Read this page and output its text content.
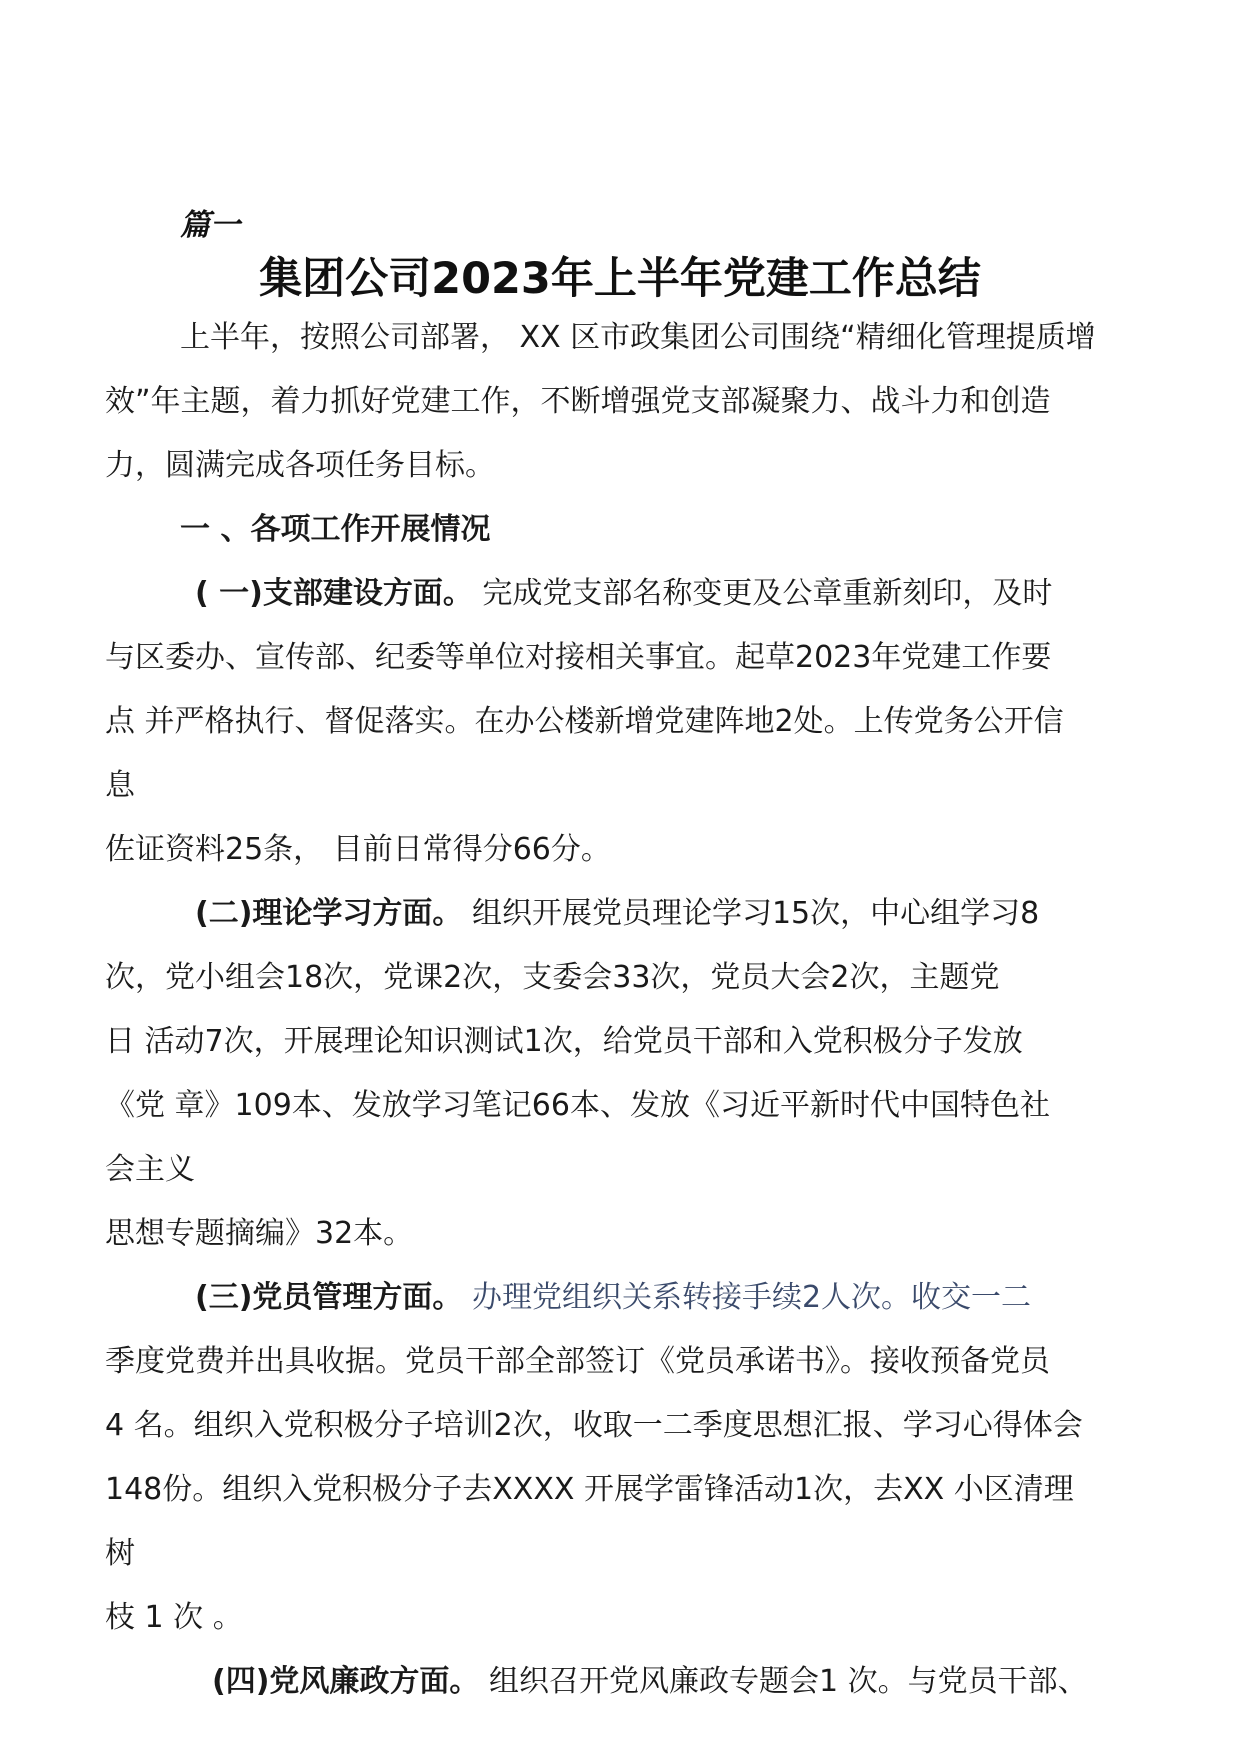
篇一
集团公司2023年上半年党建工作总结
上半年，按照公司部署， XX 区市政集团公司围绕“精细化管理提质增
效”年主题，着力抓好党建工作，不断增强党支部凝聚力、战斗力和创造
力，圆满完成各项任务目标。
一 、各项工作开展情况
( 一)支部建设方面。 完成党支部名称变更及公章重新刻印，及时
与区委办、宣传部、纪委等单位对接相关事宜。起草2023年党建工作要
点 并严格执行、督促落实。在办公楼新增党建阵地2处。上传党务公开信
息
佐证资料25条， 目前日常得分66分。
(二)理论学习方面。 组织开展党员理论学习15次，中心组学习8
次，党小组会18次，党课2次，支委会33次，党员大会2次，主题党
日 活动7次，开展理论知识测试1次，给党员干部和入党积极分子发放
《党 章》109本、发放学习笔记66本、发放《习近平新时代中国特色社
会主义
思想专题摘编》32本。
(三)党员管理方面。 办理党组织关系转接手续2人次。收交一二
季度党费并出具收据。党员干部全部签订《党员承诺书》。接收预备党员
4 名。组织入党积极分子培训2次，收取一二季度思想汇报、学习心得体会
148份。组织入党积极分子去XXXX 开展学雷锋活动1次，去XX 小区清理
树
枝 1 次 。
(四)党风廉政方面。 组织召开党风廉政专题会1 次。与党员干部、
